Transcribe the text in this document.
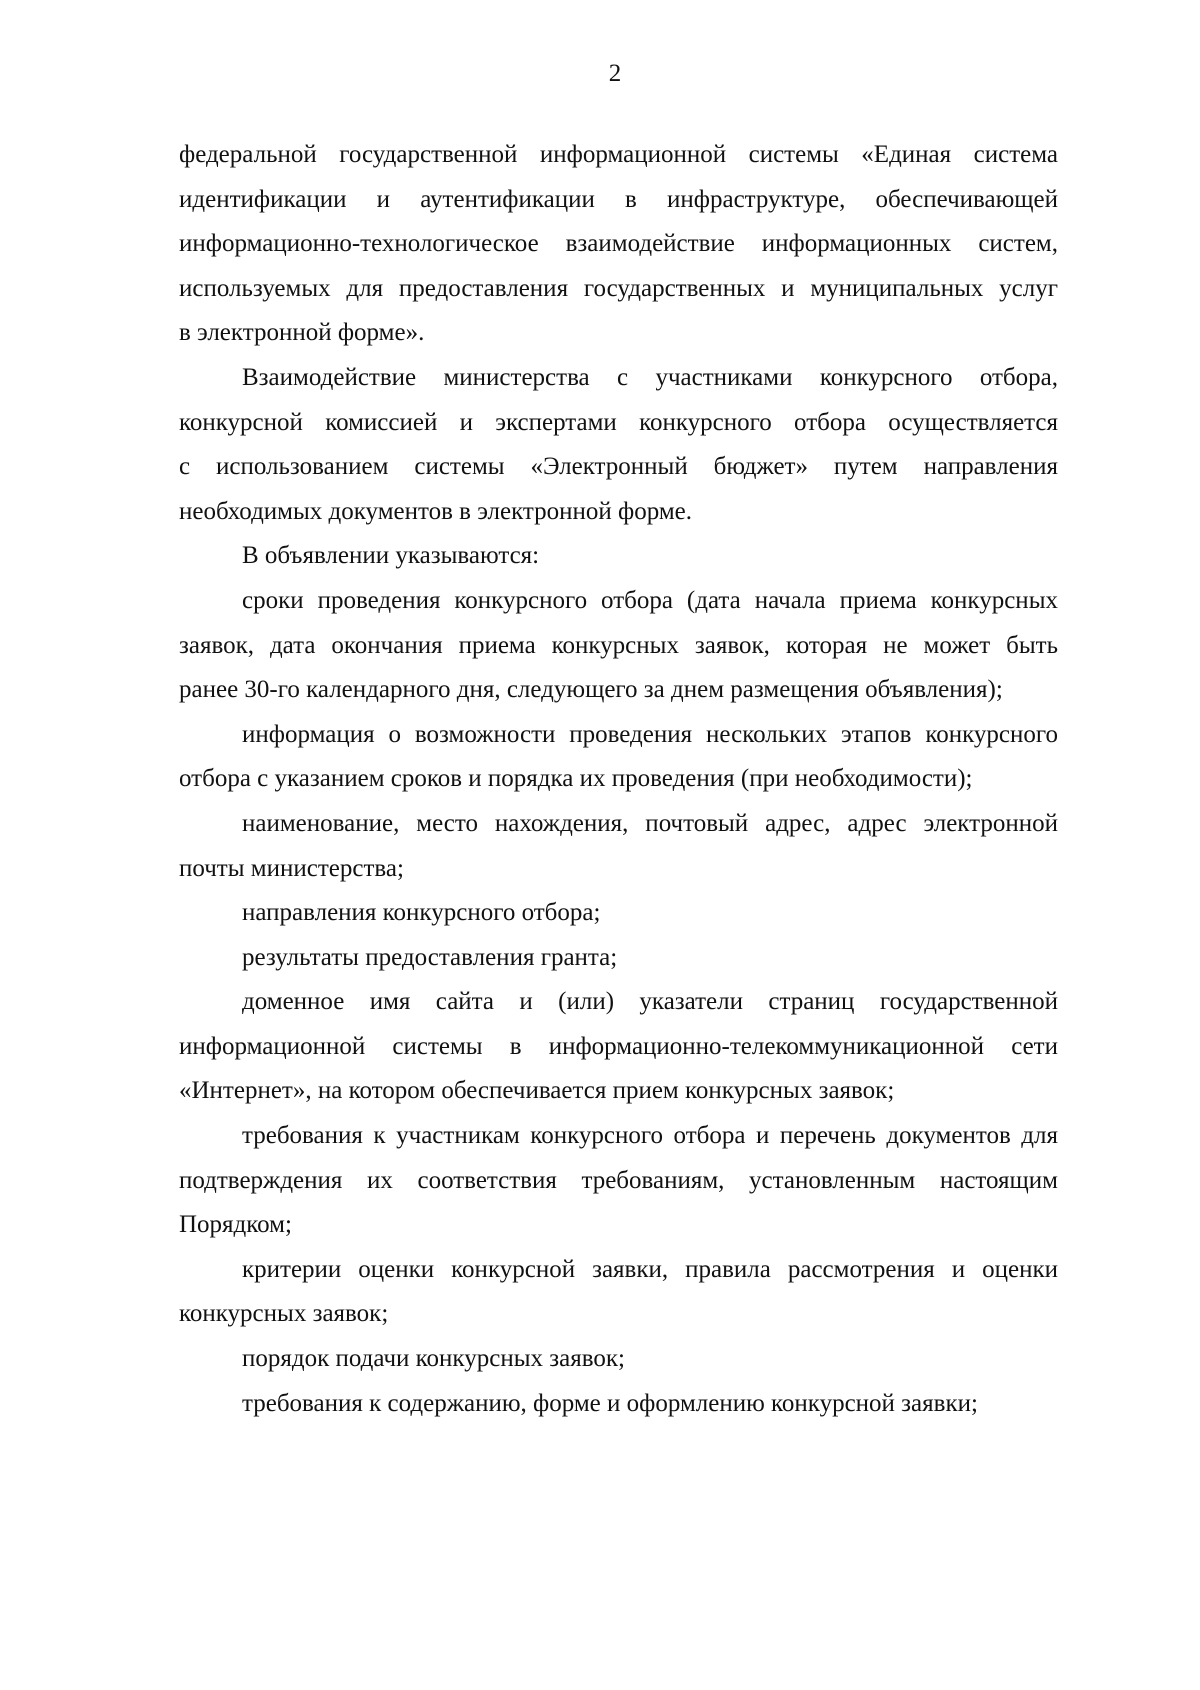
2
федеральной государственной информационной системы «Единая система
идентификации и аутентификации в инфраструктуре, обеспечивающей
информационно-технологическое взаимодействие информационных систем,
используемых для предоставления государственных и муниципальных услуг
в электронной форме».
Взаимодействие министерства с участниками конкурсного отбора,
конкурсной комиссией и экспертами конкурсного отбора осуществляется
с использованием системы «Электронный бюджет» путем направления
необходимых документов в электронной форме.
В объявлении указываются:
сроки проведения конкурсного отбора (дата начала приема конкурсных
заявок, дата окончания приема конкурсных заявок, которая не может быть
ранее 30-го календарного дня, следующего за днем размещения объявления);
информация о возможности проведения нескольких этапов конкурсного
отбора с указанием сроков и порядка их проведения (при необходимости);
наименование, место нахождения, почтовый адрес, адрес электронной
почты министерства;
направления конкурсного отбора;
результаты предоставления гранта;
доменное имя сайта и (или) указатели страниц государственной
информационной системы в информационно-телекоммуникационной сети
«Интернет», на котором обеспечивается прием конкурсных заявок;
требования к участникам конкурсного отбора и перечень документов для
подтверждения их соответствия требованиям, установленным настоящим
Порядком;
критерии оценки конкурсной заявки, правила рассмотрения и оценки
конкурсных заявок;
порядок подачи конкурсных заявок;
требования к содержанию, форме и оформлению конкурсной заявки;
